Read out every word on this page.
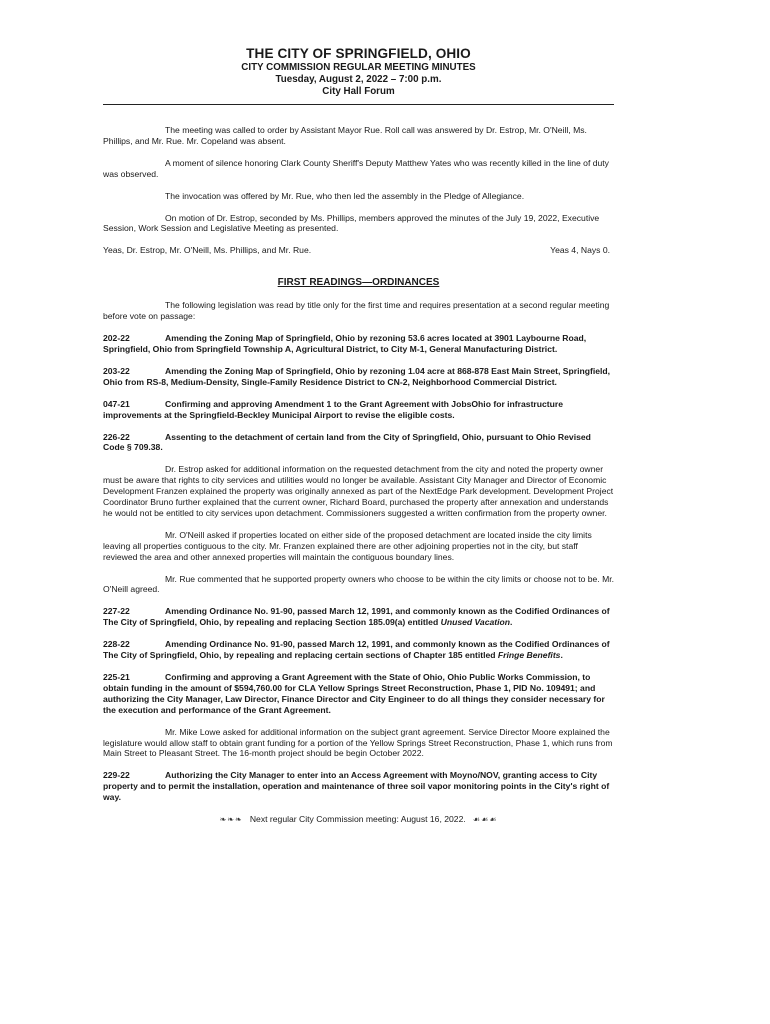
THE CITY OF SPRINGFIELD, OHIO
CITY COMMISSION REGULAR MEETING MINUTES
Tuesday, August 2, 2022 – 7:00 p.m.
City Hall Forum

The meeting was called to order by Assistant Mayor Rue. Roll call was answered by Dr. Estrop, Mr. O'Neill, Ms. Phillips, and Mr. Rue. Mr. Copeland was absent.

A moment of silence honoring Clark County Sheriff's Deputy Matthew Yates who was recently killed in the line of duty was observed.

The invocation was offered by Mr. Rue, who then led the assembly in the Pledge of Allegiance.

On motion of Dr. Estrop, seconded by Ms. Phillips, members approved the minutes of the July 19, 2022, Executive Session, Work Session and Legislative Meeting as presented.

Yeas, Dr. Estrop, Mr. O'Neill, Ms. Phillips, and Mr. Rue.	Yeas 4, Nays 0.
FIRST READINGS—ORDINANCES

The following legislation was read by title only for the first time and requires presentation at a second regular meeting before vote on passage:

202-22	Amending the Zoning Map of Springfield, Ohio by rezoning 53.6 acres located at 3901 Laybourne Road, Springfield, Ohio from Springfield Township A, Agricultural District, to City M-1, General Manufacturing District.

203-22	Amending the Zoning Map of Springfield, Ohio by rezoning 1.04 acre at 868-878 East Main Street, Springfield, Ohio from RS-8, Medium-Density, Single-Family Residence District to CN-2, Neighborhood Commercial District.

047-21	Confirming and approving Amendment 1 to the Grant Agreement with JobsOhio for infrastructure improvements at the Springfield-Beckley Municipal Airport to revise the eligible costs.

226-22	Assenting to the detachment of certain land from the City of Springfield, Ohio, pursuant to Ohio Revised Code § 709.38.

Dr. Estrop asked for additional information on the requested detachment from the city and noted the property owner must be aware that rights to city services and utilities would no longer be available. Assistant City Manager and Director of Economic Development Franzen explained the property was originally annexed as part of the NextEdge Park development. Development Project Coordinator Bruno further explained that the current owner, Richard Board, purchased the property after annexation and understands he would not be entitled to city services upon detachment. Commissioners suggested a written confirmation from the property owner.

Mr. O'Neill asked if properties located on either side of the proposed detachment are located inside the city limits leaving all properties contiguous to the city. Mr. Franzen explained there are other adjoining properties not in the city, but staff reviewed the area and other annexed properties will maintain the contiguous boundary lines.

Mr. Rue commented that he supported property owners who choose to be within the city limits or choose not to be. Mr. O'Neill agreed.

227-22	Amending Ordinance No. 91-90, passed March 12, 1991, and commonly known as the Codified Ordinances of The City of Springfield, Ohio, by repealing and replacing Section 185.09(a) entitled Unused Vacation.

228-22	Amending Ordinance No. 91-90, passed March 12, 1991, and commonly known as the Codified Ordinances of The City of Springfield, Ohio, by repealing and replacing certain sections of Chapter 185 entitled Fringe Benefits.

225-21	Confirming and approving a Grant Agreement with the State of Ohio, Ohio Public Works Commission, to obtain funding in the amount of $594,760.00 for CLA Yellow Springs Street Reconstruction, Phase 1, PID No. 109491; and authorizing the City Manager, Law Director, Finance Director and City Engineer to do all things they consider necessary for the execution and performance of the Grant Agreement.

Mr. Mike Lowe asked for additional information on the subject grant agreement. Service Director Moore explained the legislature would allow staff to obtain grant funding for a portion of the Yellow Springs Street Reconstruction, Phase 1, which runs from Main Street to Pleasant Street. The 16-month project should be begin October 2022.

229-22	Authorizing the City Manager to enter into an Access Agreement with Moyno/NOV, granting access to City property and to permit the installation, operation and maintenance of three soil vapor monitoring points in the City's right of way.

❧❧❧ Next regular City Commission meeting: August 16, 2022. ☙☙☙
